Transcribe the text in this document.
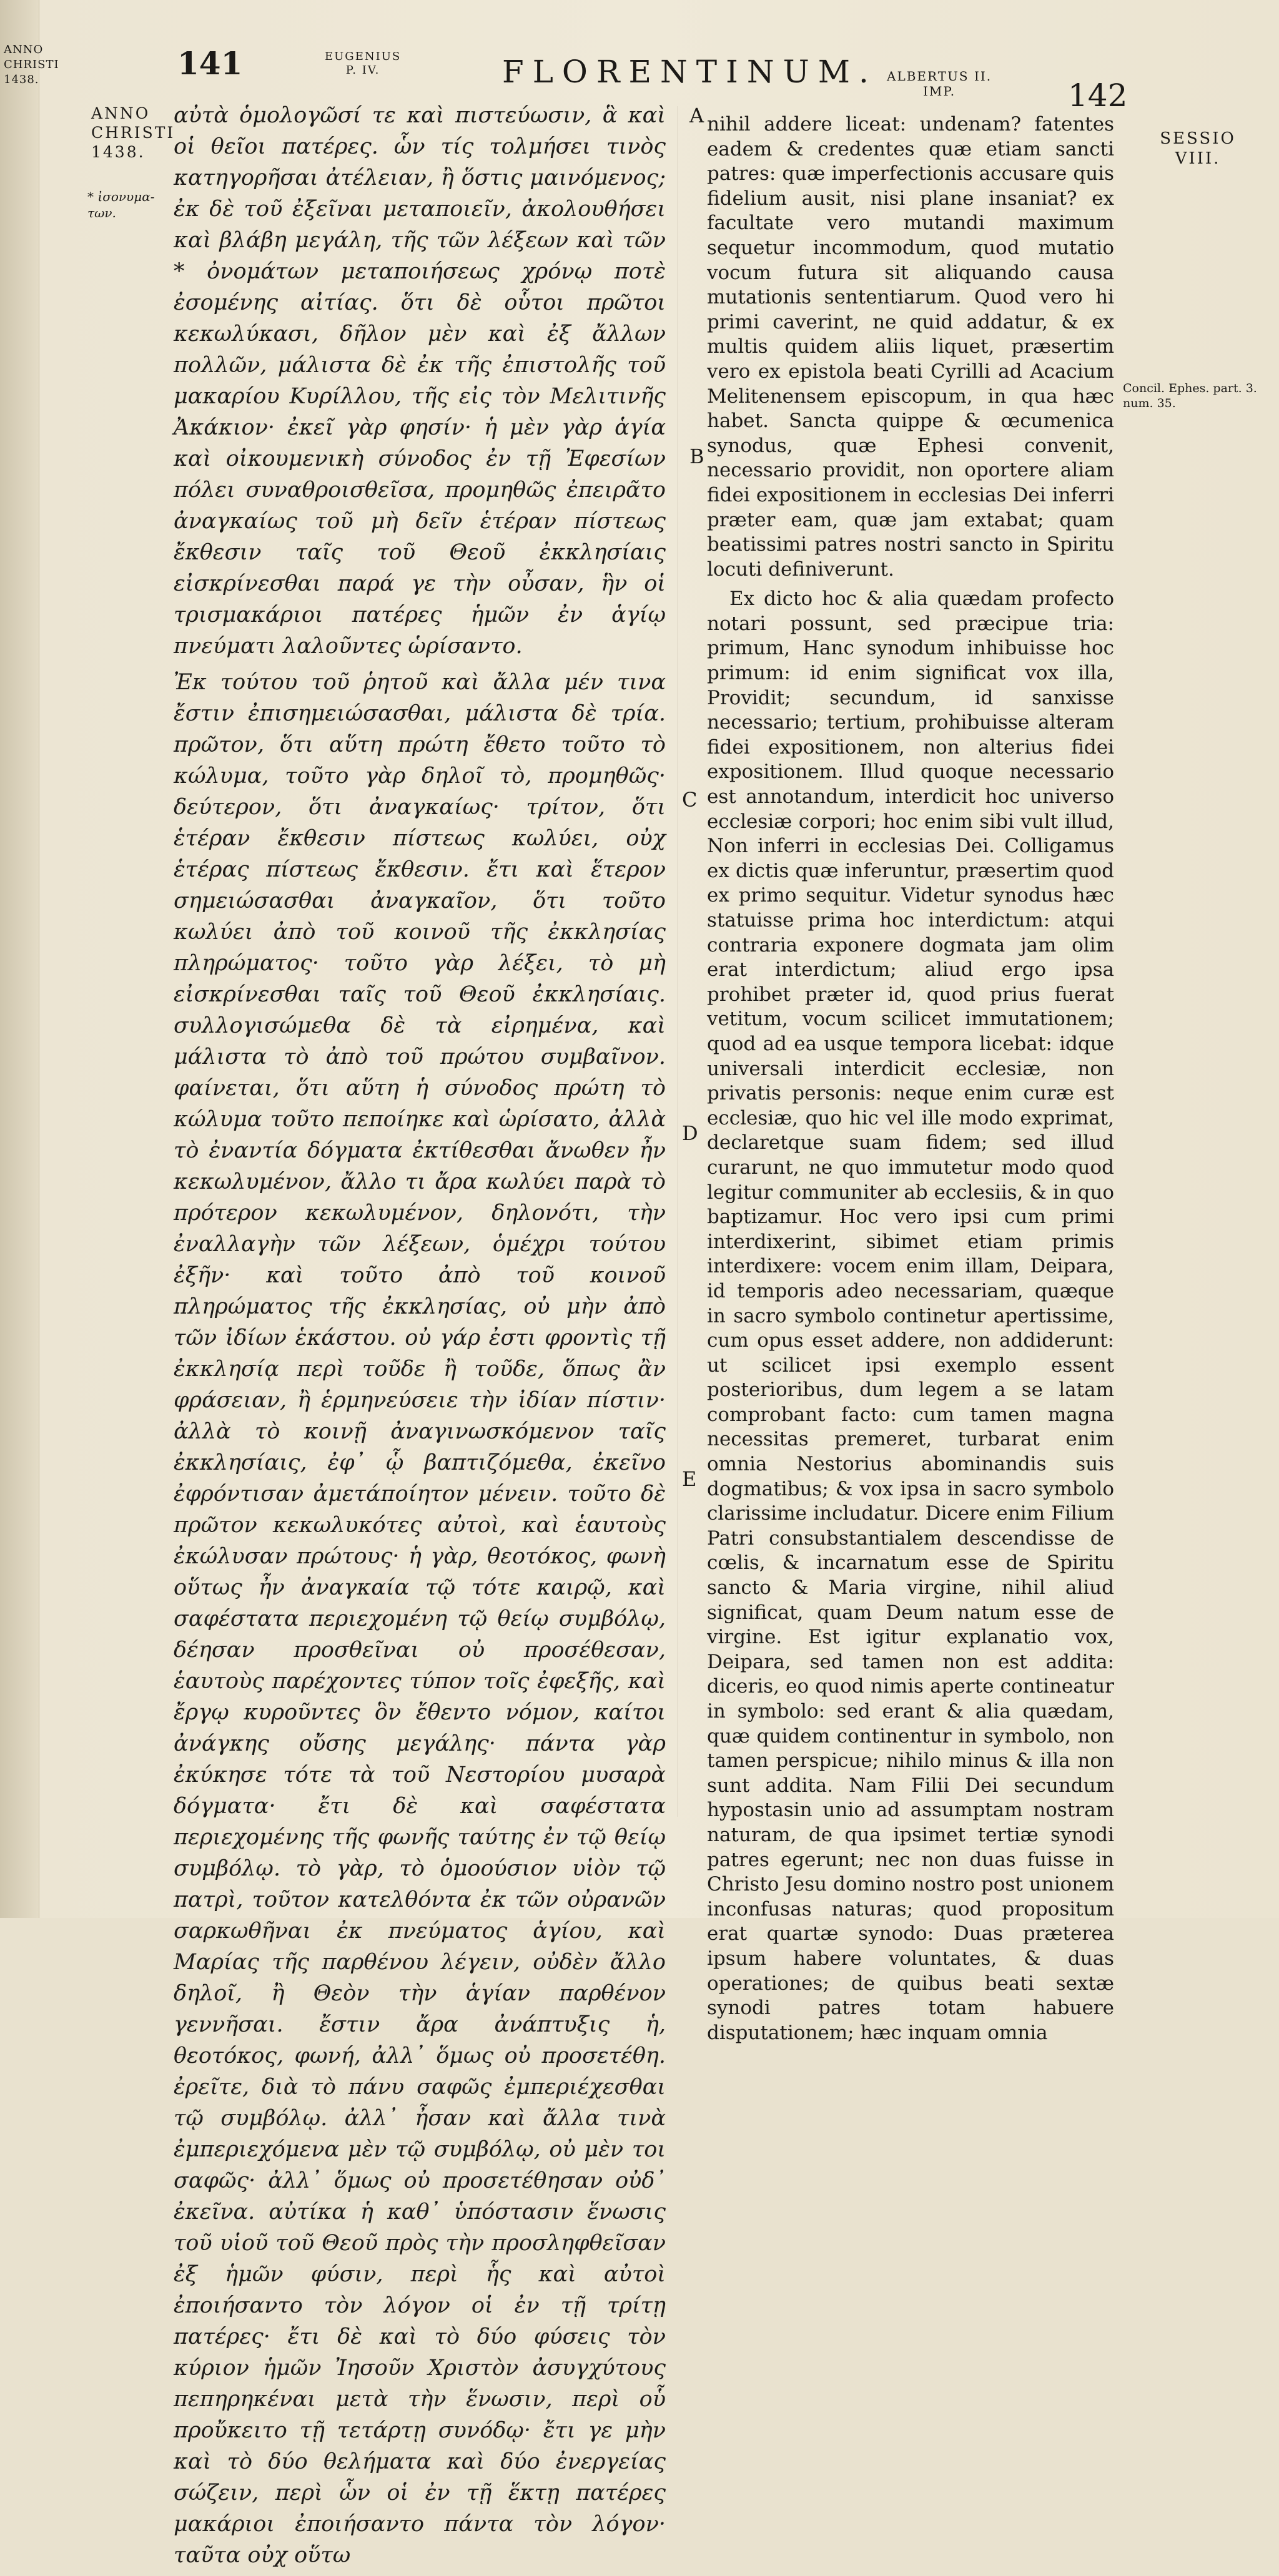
ANNO
CHRISTI
1438.	141	EUGENIUS
P. IV.	FLORENTINUM. ALBERTUS II.
IMP.	142
ANNO
CHRISTI
1438.
* ἰσονυμα- των.
SESSIO
VIII.
Concil. Ephes. part. 3. num. 35.

αὐτὰ ὁμολογῶσί τε καὶ πιστεύωσιν, ἃ καὶ οἱ θεῖοι πατέρες. ὧν τίς τολμήσει τινὸς κατηγορῆσαι ἀτέλειαν, ἢ ὅστις μαινόμενος; ἐκ δὲ τοῦ ἐξεῖναι μεταποιεῖν, ἀκολουθήσει καὶ βλάβη μεγάλη, τῆς τῶν λέξεων καὶ τῶν * ὀνομάτων μεταποιήσεως χρόνῳ ποτὲ ἐσομένης αἰτίας. ὅτι δὲ οὗτοι πρῶτοι κεκωλύκασι, δῆλον μὲν καὶ ἐξ ἄλλων πολλῶν, μάλιστα δὲ ἐκ τῆς ἐπιστολῆς τοῦ μακαρίου Κυρίλλου, τῆς εἰς τὸν Μελιτινῆς Ἀκάκιον· ἐκεῖ γὰρ φησίν· ἡ μὲν γὰρ ἁγία καὶ οἰκουμενικὴ σύνοδος ἐν τῇ Ἐφεσίων πόλει συναθροισθεῖσα, προμηθῶς ἐπειρᾶτο ἀναγκαίως τοῦ μὴ δεῖν ἑτέραν πίστεως ἔκθεσιν ταῖς τοῦ Θεοῦ ἐκκλησίαις εἰσκρίνεσθαι παρά γε τὴν οὖσαν, ἣν οἱ τρισμακάριοι πατέρες ἡμῶν ἐν ἁγίῳ πνεύματι λαλοῦντες ὡρίσαντο.

Ἐκ τούτου τοῦ ῥητοῦ καὶ ἄλλα μέν τινα ἔστιν ἐπισημειώσασθαι, μάλιστα δὲ τρία. πρῶτον, ὅτι αὕτη πρώτη ἔθετο τοῦτο τὸ κώλυμα, τοῦτο γὰρ δηλοῖ τὸ, προμηθῶς· δεύτερον, ὅτι ἀναγκαίως· τρίτον, ὅτι ἑτέραν ἔκθεσιν πίστεως κωλύει, οὐχ ἑτέρας πίστεως ἔκθεσιν. ἔτι καὶ ἕτερον σημειώσασθαι ἀναγκαῖον, ὅτι τοῦτο κωλύει ἀπὸ τοῦ κοινοῦ τῆς ἐκκλησίας πληρώματος· τοῦτο γὰρ λέξει, τὸ μὴ εἰσκρίνεσθαι ταῖς τοῦ Θεοῦ ἐκκλησίαις. συλλογισώμεθα δὲ τὰ εἰρημένα, καὶ μάλιστα τὸ ἀπὸ τοῦ πρώτου συμβαῖνον. φαίνεται, ὅτι αὕτη ἡ σύνοδος πρώτη τὸ κώλυμα τοῦτο πεποίηκε καὶ ὡρίσατο, ἀλλὰ τὸ ἐναντία δόγματα ἐκτίθεσθαι ἄνωθεν ἦν κεκωλυμένον, ἄλλο τι ἄρα κωλύει παρὰ τὸ πρότερον κεκωλυμένον, δηλονότι, τὴν ἐναλλαγὴν τῶν λέξεων, ὁμέχρι τούτου ἐξῆν· καὶ τοῦτο ἀπὸ τοῦ κοινοῦ πληρώματος τῆς ἐκκλησίας, οὐ μὴν ἀπὸ τῶν ἰδίων ἑκάστου. οὐ γάρ ἐστι φροντὶς τῇ ἐκκλησίᾳ περὶ τοῦδε ἢ τοῦδε, ὅπως ἂν φράσειαν, ἢ ἑρμηνεύσειε τὴν ἰδίαν πίστιν· ἀλλὰ τὸ κοινῇ ἀναγινωσκόμενον ταῖς ἐκκλησίαις, ἐφ᾽ ᾧ βαπτιζόμεθα, ἐκεῖνο ἐφρόντισαν ἀμετάποίητον μένειν. τοῦτο δὲ πρῶτον κεκωλυκότες αὐτοὶ, καὶ ἑαυτοὺς ἐκώλυσαν πρώτους· ἡ γὰρ, θεοτόκος, φωνὴ οὕτως ἦν ἀναγκαία τῷ τότε καιρῷ, καὶ σαφέστατα περιεχομένη τῷ θείῳ συμβόλῳ, δέησαν προσθεῖναι οὐ προσέθεσαν, ἑαυτοὺς παρέχοντες τύπον τοῖς ἐφεξῆς, καὶ ἔργῳ κυροῦντες ὃν ἔθεντο νόμον, καίτοι ἀνάγκης οὔσης μεγάλης· πάντα γὰρ ἐκύκησε τότε τὰ τοῦ Νεστορίου μυσαρὰ δόγματα· ἔτι δὲ καὶ σαφέστατα περιεχομένης τῆς φωνῆς ταύτης ἐν τῷ θείῳ συμβόλῳ. τὸ γὰρ, τὸ ὁμοούσιον υἱὸν τῷ πατρὶ, τοῦτον κατελθόντα ἐκ τῶν οὐρανῶν σαρκωθῆναι ἐκ πνεύματος ἁγίου, καὶ Μαρίας τῆς παρθένου λέγειν, οὐδὲν ἄλλο δηλοῖ, ἢ Θεὸν τὴν ἁγίαν παρθένον γεννῆσαι. ἔστιν ἄρα ἀνάπτυξις ἡ, θεοτόκος, φωνή, ἀλλ᾽ ὅμως οὐ προσετέθη. ἐρεῖτε, διὰ τὸ πάνυ σαφῶς ἐμπεριέχεσθαι τῷ συμβόλῳ. ἀλλ᾽ ἦσαν καὶ ἄλλα τινὰ ἐμπεριεχόμενα μὲν τῷ συμβόλῳ, οὐ μὲν τοι σαφῶς· ἀλλ᾽ ὅμως οὐ προσετέθησαν οὐδ᾽ ἐκεῖνα. αὐτίκα ἡ καθ᾽ ὑπόστασιν ἕνωσις τοῦ υἱοῦ τοῦ Θεοῦ πρὸς τὴν προσληφθεῖσαν ἐξ ἡμῶν φύσιν, περὶ ἧς καὶ αὐτοὶ ἐποιήσαντο τὸν λόγον οἱ ἐν τῇ τρίτῃ πατέρες· ἔτι δὲ καὶ τὸ δύο φύσεις τὸν κύριον ἡμῶν Ἰησοῦν Χριστὸν ἀσυγχύτους πεπηρηκέναι μετὰ τὴν ἕνωσιν, περὶ οὗ προὔκειτο τῇ τετάρτῃ συνόδῳ· ἔτι γε μὴν καὶ τὸ δύο θελήματα καὶ δύο ἐνεργείας σώζειν, περὶ ὧν οἱ ἐν τῇ ἕκτῃ πατέρες μακάριοι ἐποιήσαντο πάντα τὸν λόγον· ταῦτα οὐχ οὕτω

A
B
C
D
E

nihil addere liceat: undenam? fatentes eadem & credentes quæ etiam sancti patres: quæ imperfectionis accusare quis fidelium ausit, nisi plane insaniat? ex facultate vero mutandi maximum sequetur incommodum, quod mutatio vocum futura sit aliquando causa mutationis sententiarum. Quod vero hi primi caverint, ne quid addatur, & ex multis quidem aliis liquet, præsertim vero ex epistola beati Cyrilli ad Acacium Melitenensem episcopum, in qua hæc habet. Sancta quippe & œcumenica synodus, quæ Ephesi convenit, necessario providit, non oportere aliam fidei expositionem in ecclesias Dei inferri præter eam, quæ jam extabat; quam beatissimi patres nostri sancto in Spiritu locuti definiverunt.

Ex dicto hoc & alia quædam profecto notari possunt, sed præcipue tria: primum, Hanc synodum inhibuisse hoc primum: id enim significat vox illa, Providit; secundum, id sanxisse necessario; tertium, prohibuisse alteram fidei expositionem, non alterius fidei expositionem. Illud quoque necessario est annotandum, interdicit hoc universo ecclesiæ corpori; hoc enim sibi vult illud, Non inferri in ecclesias Dei. Colligamus ex dictis quæ inferuntur, præsertim quod ex primo sequitur. Videtur synodus hæc statuisse prima hoc interdictum: atqui contraria exponere dogmata jam olim erat interdictum; aliud ergo ipsa prohibet præter id, quod prius fuerat vetitum, vocum scilicet immutationem; quod ad ea usque tempora licebat: idque universali interdicit ecclesiæ, non privatis personis: neque enim curæ est ecclesiæ, quo hic vel ille modo exprimat, declaretque suam fidem; sed illud curarunt, ne quo immutetur modo quod legitur communiter ab ecclesiis, & in quo baptizamur. Hoc vero ipsi cum primi interdixerint, sibimet etiam primis interdixere: vocem enim illam, Deipara, id temporis adeo necessariam, quæque in sacro symbolo continetur apertissime, cum opus esset addere, non addiderunt: ut scilicet ipsi exemplo essent posterioribus, dum legem a se latam comprobant facto: cum tamen magna necessitas premeret, turbarat enim omnia Nestorius abominandis suis dogmatibus; & vox ipsa in sacro symbolo clarissime includatur. Dicere enim Filium Patri consubstantialem descendisse de cœlis, & incarnatum esse de Spiritu sancto & Maria virgine, nihil aliud significat, quam Deum natum esse de virgine. Est igitur explanatio vox, Deipara, sed tamen non est addita: diceris, eo quod nimis aperte contineatur in symbolo: sed erant & alia quædam, quæ quidem continentur in symbolo, non tamen perspicue; nihilo minus & illa non sunt addita. Nam Filii Dei secundum hypostasin unio ad assumptam nostram naturam, de qua ipsimet tertiæ synodi patres egerunt; nec non duas fuisse in Christo Jesu domino nostro post unionem inconfusas naturas; quod propositum erat quartæ synodo: Duas præterea ipsum habere voluntates, & duas operationes; de quibus beati sextæ synodi patres totam habuere disputationem; hæc inquam omnia
